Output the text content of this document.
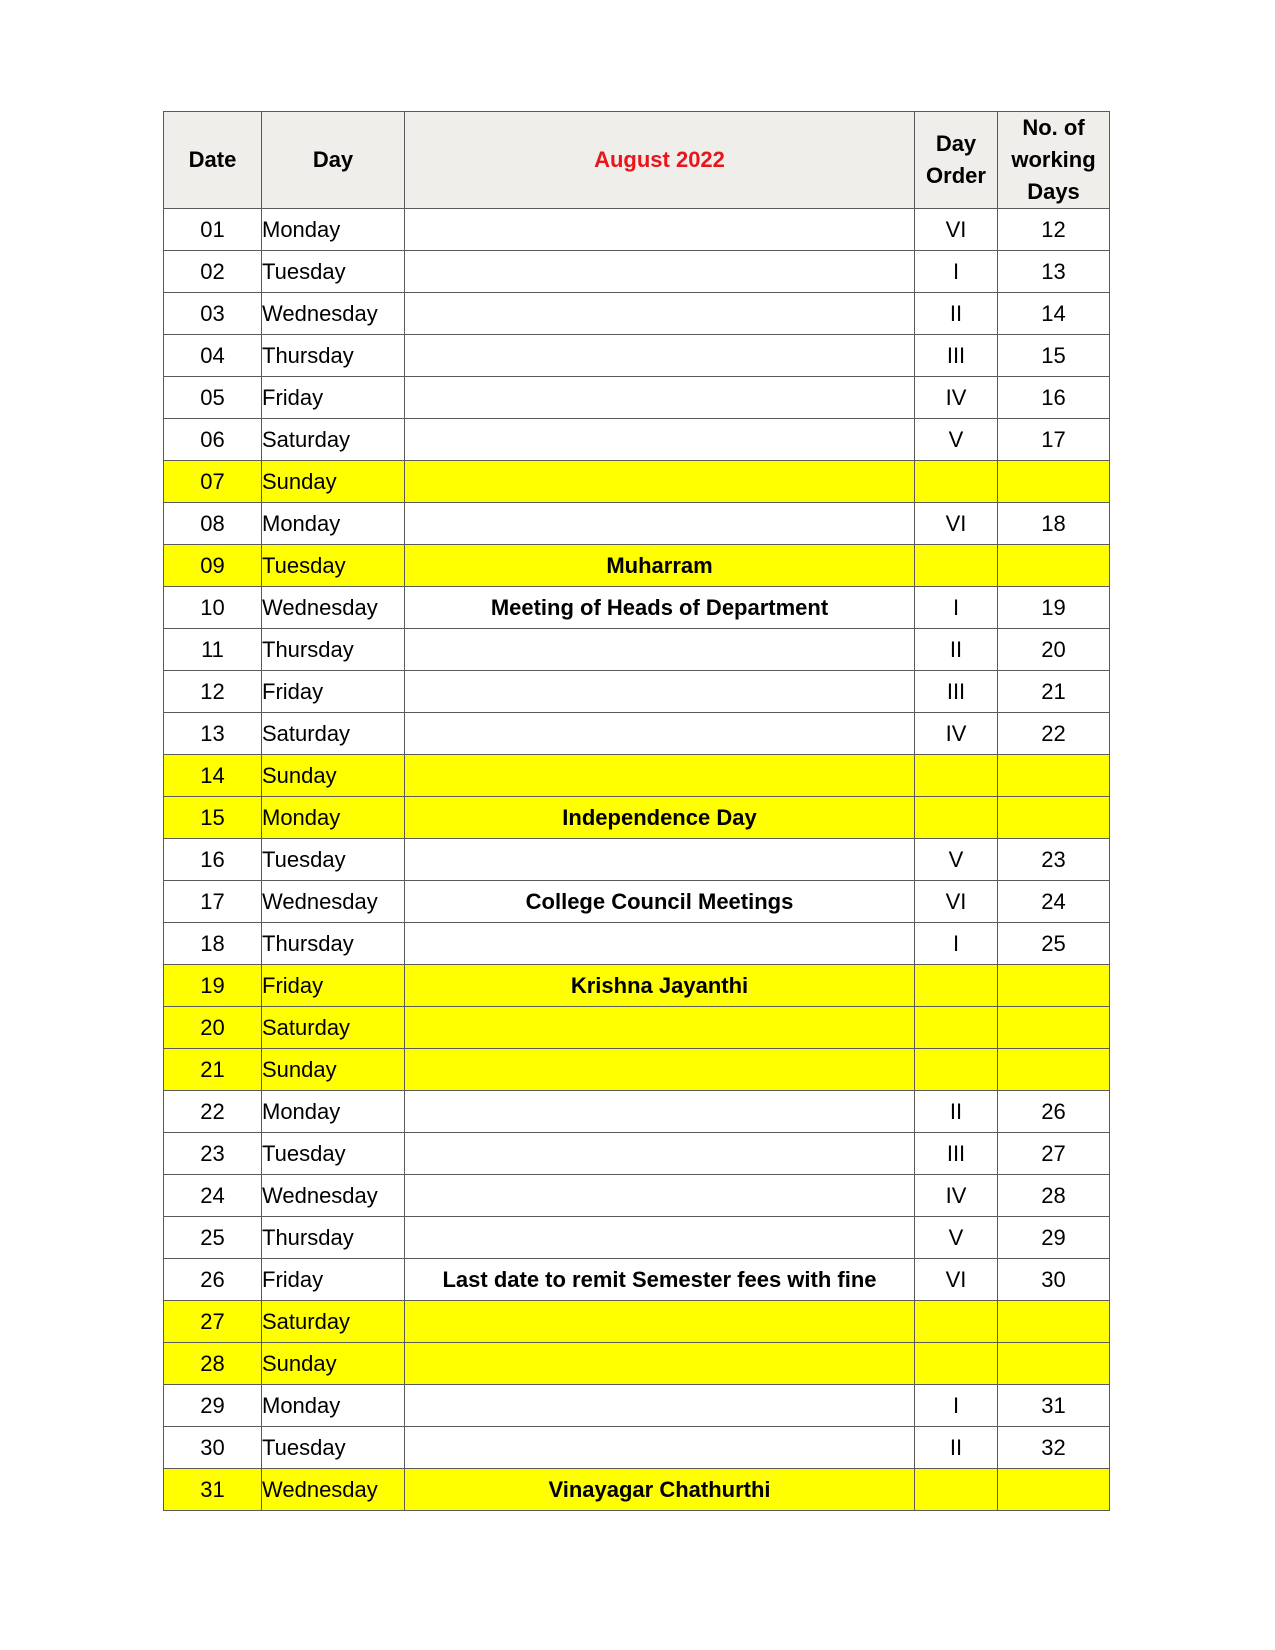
Date	Day	August 2022	Day Order	No. of working Days

01	Monday		VI	12
02	Tuesday		I	13
03	Wednesday		II	14
04	Thursday		III	15
05	Friday		IV	16
06	Saturday		V	17
07	Sunday			
08	Monday		VI	18
09	Tuesday	Muharram		
10	Wednesday	Meeting of Heads of Department	I	19
11	Thursday		II	20
12	Friday		III	21
13	Saturday		IV	22
14	Sunday			
15	Monday	Independence Day		
16	Tuesday		V	23
17	Wednesday	College Council Meetings	VI	24
18	Thursday		I	25
19	Friday	Krishna Jayanthi		
20	Saturday			
21	Sunday			
22	Monday		II	26
23	Tuesday		III	27
24	Wednesday		IV	28
25	Thursday		V	29
26	Friday	Last date to remit Semester fees with fine	VI	30
27	Saturday			
28	Sunday			
29	Monday		I	31
30	Tuesday		II	32
31	Wednesday	Vinayagar Chathurthi		
